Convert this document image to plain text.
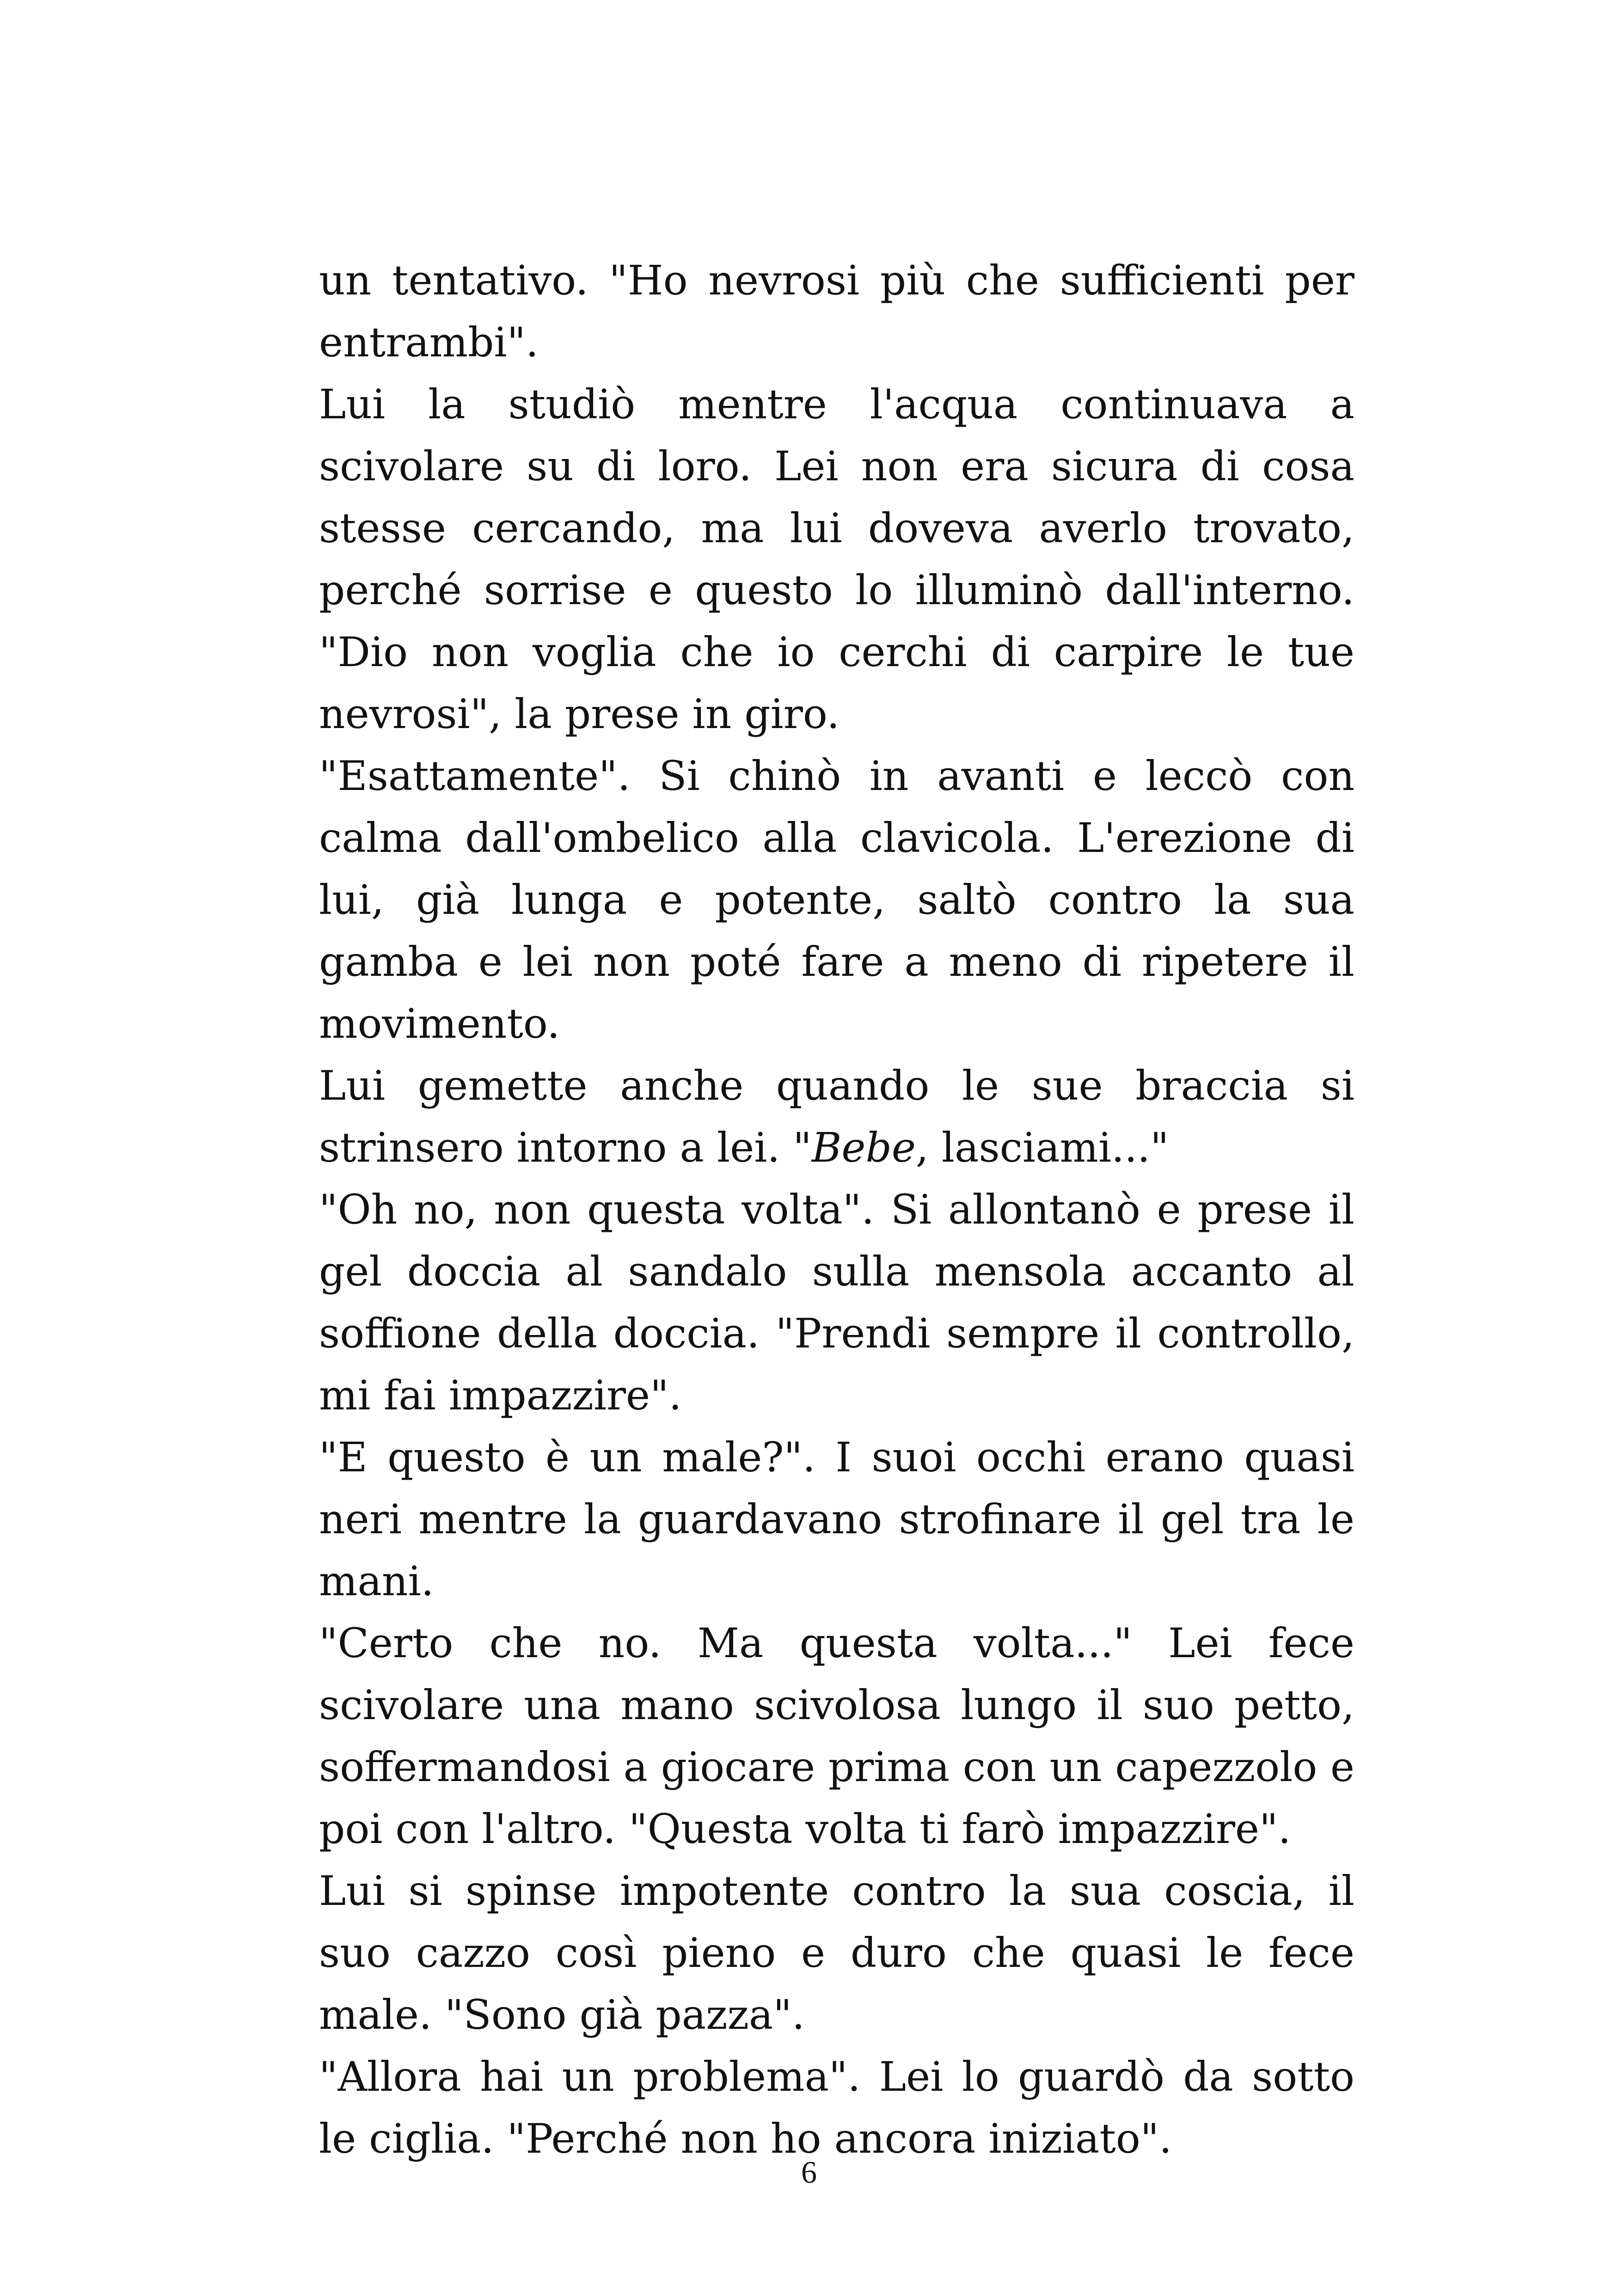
un tentativo. "Ho nevrosi più che sufficienti per entrambi".

Lui la studiò mentre l'acqua continuava a scivolare su di loro. Lei non era sicura di cosa stesse cercando, ma lui doveva averlo trovato, perché sorrise e questo lo illuminò dall'interno. "Dio non voglia che io cerchi di carpire le tue nevrosi", la prese in giro.

"Esattamente". Si chinò in avanti e leccò con calma dall'ombelico alla clavicola. L'erezione di lui, già lunga e potente, saltò contro la sua gamba e lei non poté fare a meno di ripetere il movimento.

Lui gemette anche quando le sue braccia si strinsero intorno a lei. "Bebe, lasciami..."

"Oh no, non questa volta". Si allontanò e prese il gel doccia al sandalo sulla mensola accanto al soffione della doccia. "Prendi sempre il controllo, mi fai impazzire".

"E questo è un male?". I suoi occhi erano quasi neri mentre la guardavano strofinare il gel tra le mani.

"Certo che no. Ma questa volta..." Lei fece scivolare una mano scivolosa lungo il suo petto, soffermandosi a giocare prima con un capezzolo e poi con l'altro. "Questa volta ti farò impazzire".

Lui si spinse impotente contro la sua coscia, il suo cazzo così pieno e duro che quasi le fece male. "Sono già pazza".

"Allora hai un problema". Lei lo guardò da sotto le ciglia. "Perché non ho ancora iniziato".

6
